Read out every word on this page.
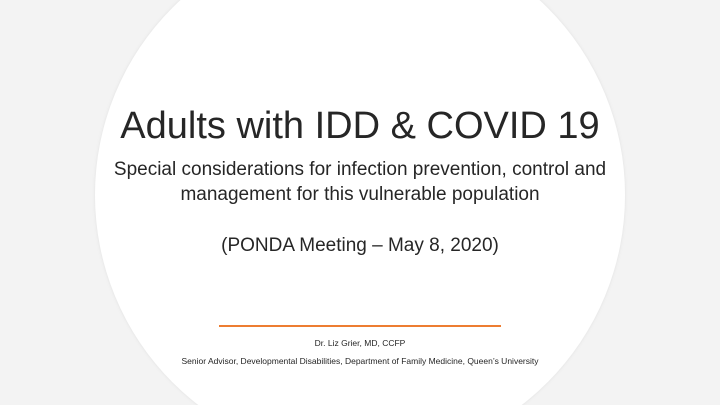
Adults with IDD & COVID 19
Special considerations for infection prevention, control and management for this vulnerable population
(PONDA Meeting – May 8, 2020)
Dr. Liz Grier, MD, CCFP
Senior Advisor, Developmental Disabilities, Department of Family Medicine, Queen’s University
